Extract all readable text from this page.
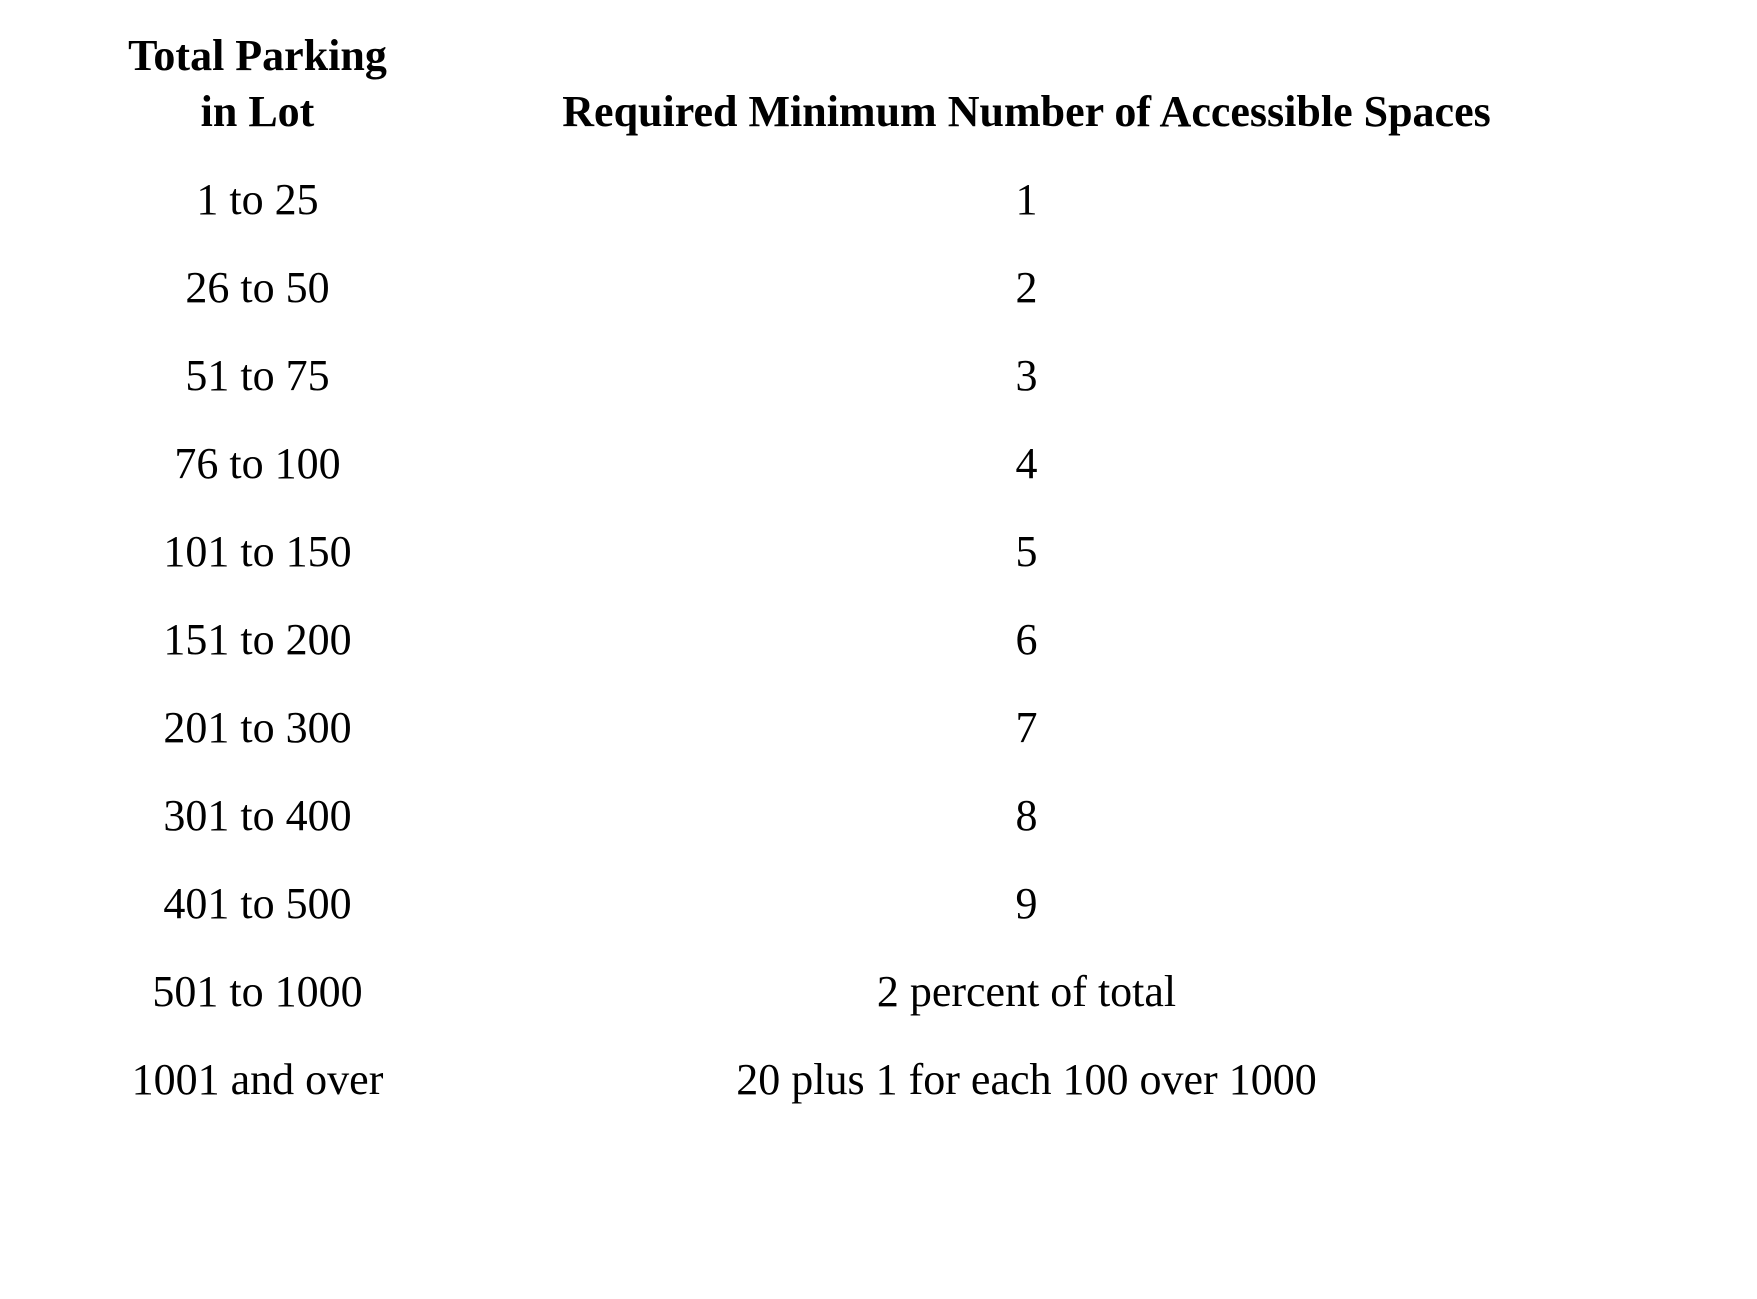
Total Parking
in Lot	Required Minimum Number of Accessible Spaces
1 to 25	1
26 to 50	2
51 to 75	3
76 to 100	4
101 to 150	5
151 to 200	6
201 to 300	7
301 to 400	8
401 to 500	9
501 to 1000	2 percent of total
1001 and over	20 plus 1 for each 100 over 1000
